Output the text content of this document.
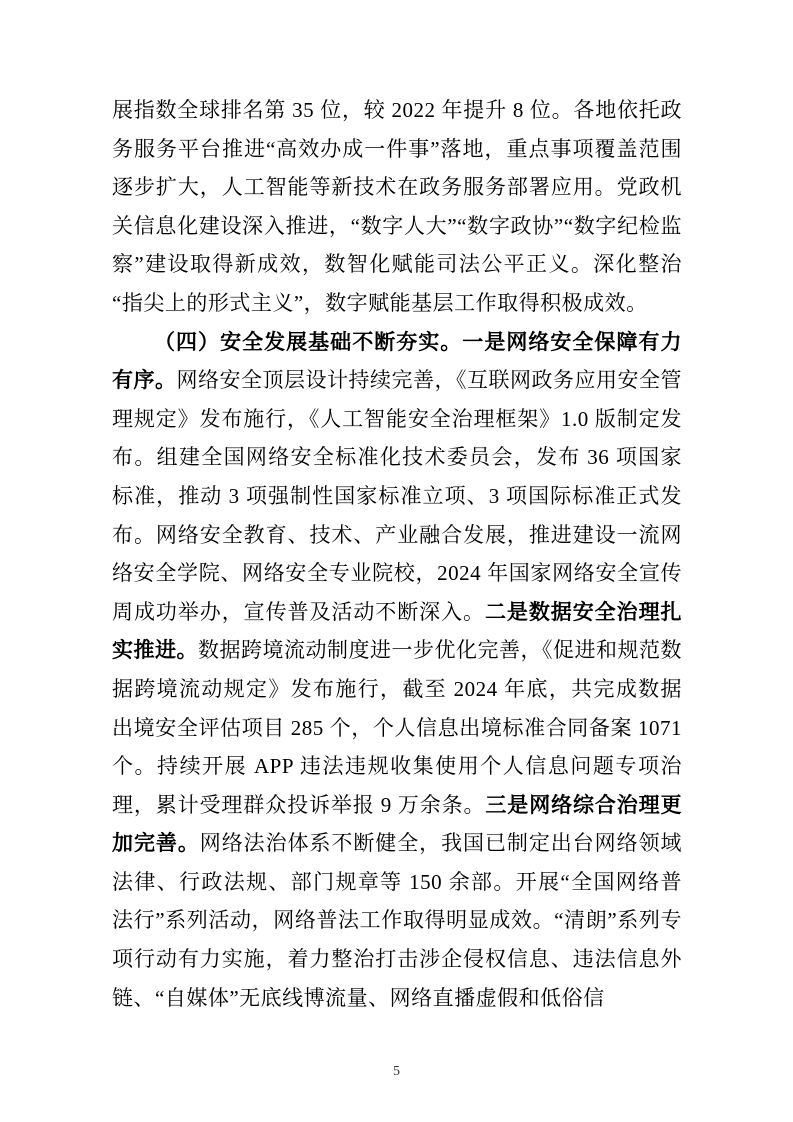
展指数全球排名第 35 位，较 2022 年提升 8 位。各地依托政务服务平台推进“高效办成一件事”落地，重点事项覆盖范围逐步扩大，人工智能等新技术在政务服务部署应用。党政机关信息化建设深入推进，“数字人大”“数字政协”“数字纪检监察”建设取得新成效，数智化赋能司法公平正义。深化整治“指尖上的形式主义”，数字赋能基层工作取得积极成效。

（四）安全发展基础不断夯实。一是网络安全保障有力有序。网络安全顶层设计持续完善，《互联网政务应用安全管理规定》发布施行，《人工智能安全治理框架》1.0 版制定发布。组建全国网络安全标准化技术委员会，发布 36 项国家标准，推动 3 项强制性国家标准立项、3 项国际标准正式发布。网络安全教育、技术、产业融合发展，推进建设一流网络安全学院、网络安全专业院校，2024 年国家网络安全宣传周成功举办，宣传普及活动不断深入。二是数据安全治理扎实推进。数据跨境流动制度进一步优化完善，《促进和规范数据跨境流动规定》发布施行，截至 2024 年底，共完成数据出境安全评估项目 285 个，个人信息出境标准合同备案 1071 个。持续开展 APP 违法违规收集使用个人信息问题专项治理，累计受理群众投诉举报 9 万余条。三是网络综合治理更加完善。网络法治体系不断健全，我国已制定出台网络领域法律、行政法规、部门规章等 150 余部。开展“全国网络普法行”系列活动，网络普法工作取得明显成效。“清朗”系列专项行动有力实施，着力整治打击涉企侵权信息、违法信息外链、“自媒体”无底线博流量、网络直播虚假和低俗信

5
